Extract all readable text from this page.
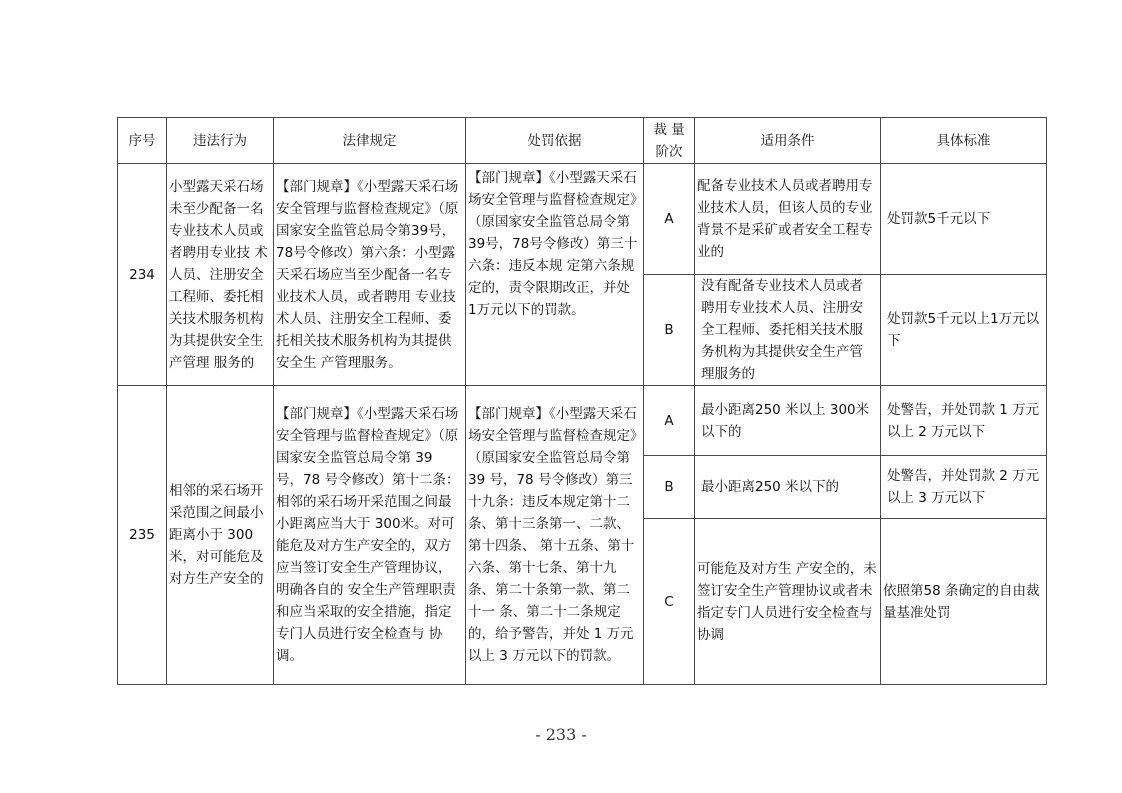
序号	违法行为	法律规定	处罚依据	裁 量 阶次	适用条件	具体标准
234	小型露天采石场未至少配备一名专业技术人员或者聘用专业技 术人员、注册安全工程师、委托相关技术服务机构为其提供安全生产管理 服务的	【部门规章】《小型露天采石场安全管理与监督检查规定》（原国家安全监管总局令第39号，78号令修改）第六条：小型露天采石场应当至少配备一名专业技术人员，或者聘用 专业技术人员、注册安全工程师、委托相关技术服务机构为其提供安全生 产管理服务。	【部门规章】《小型露天采石场安全管理与监督检查规定》（原国家安全监管总局令第 39号，78号令修改）第三十六条：违反本规 定第六条规定的，责令限期改正，并处 1万元以下的罚款。	A	配备专业技术人员或者聘用专业技术人员，但该人员的专业背景不是采矿或者安全工程专业的	处罚款5千元以下
				B	没有配备专业技术人员或者聘用专业技术人员、注册安全工程师、委托相关技术服务机构为其提供安全生产管理服务的	处罚款5千元以上1万元以下
235	相邻的采石场开采范围之间最小距离小于 300 米，对可能危及对方生产安全的	【部门规章】《小型露天采石场安全管理与监督检查规定》（原国家安全监管总局令第 39 号，78 号令修改）第十二条：相邻的采石场开采范围之间最小距离应当大于 300米。对可能危及对方生产安全的，双方应当签订安全生产管理协议，明确各自的 安全生产管理职责和应当采取的安全措施，指定专门人员进行安全检查与 协调。	【部门规章】《小型露天采石场安全管理与监督检查规定》（原国家安全监管总局令第 39 号，78 号令修改）第三十九条：违反本规定第十二条、第十三条第一、二款、第十四条、 第十五条、第十六条、第十七条、第十九条、第二十条第一款、第二十一 条、第二十二条规定的，给予警告，并处 1 万元以上 3 万元以下的罚款。	A	最小距离250 米以上 300米以下的	处警告，并处罚款 1 万元以上 2 万元以下
				B	最小距离250 米以下的	处警告，并处罚款 2 万元以上 3 万元以下
				C	可能危及对方生 产安全的，未签订安全生产管理协议或者未指定专门人员进行安全检查与协调	依照第58 条确定的自由裁量基准处罚
- 233 -
